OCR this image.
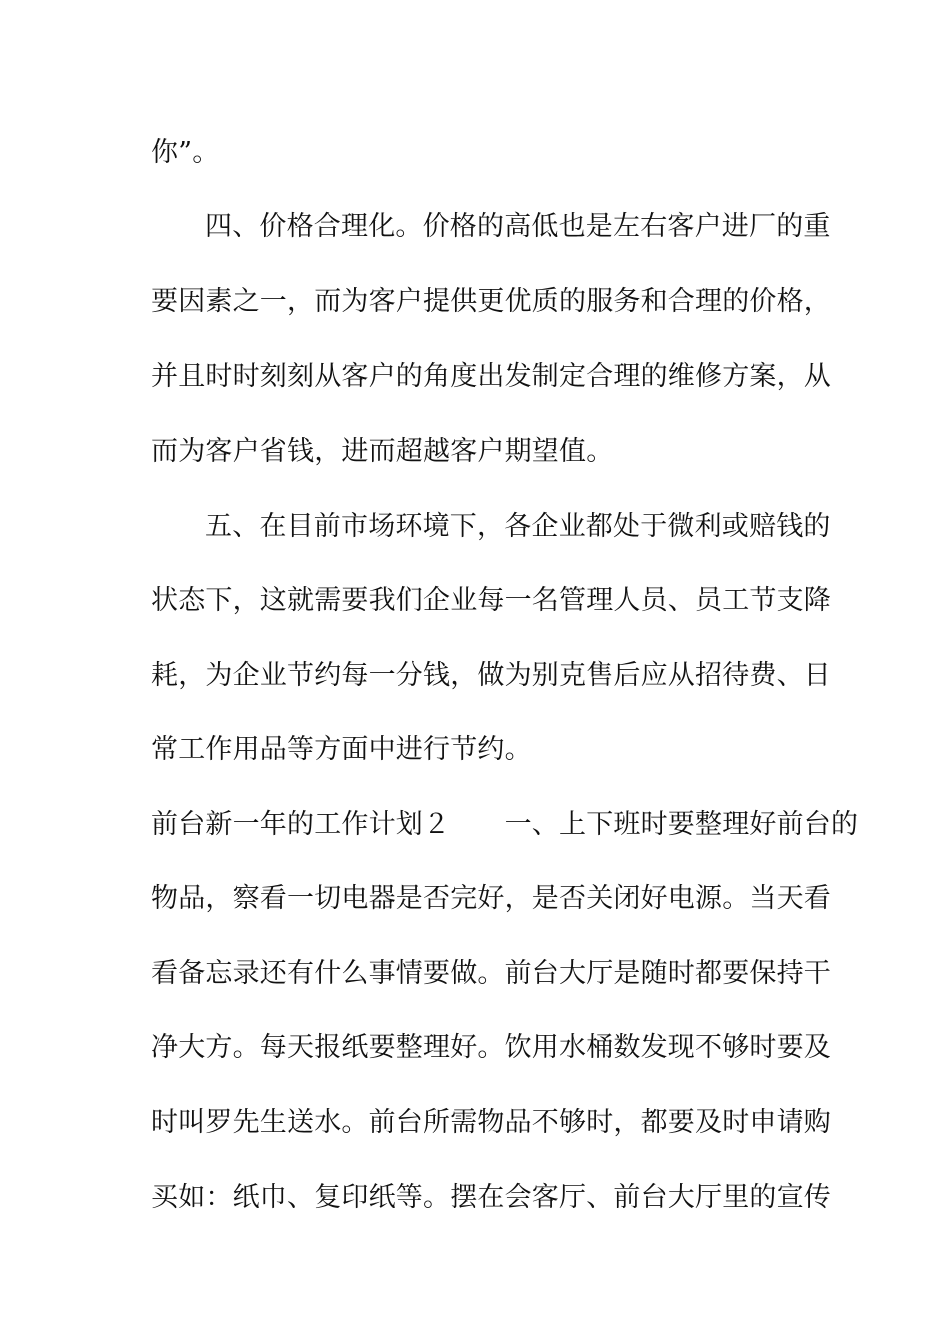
你”。
四、价格合理化。价格的高低也是左右客户进厂的重
要因素之一，而为客户提供更优质的服务和合理的价格，
并且时时刻刻从客户的角度出发制定合理的维修方案，从
而为客户省钱，进而超越客户期望值。
五、在目前市场环境下，各企业都处于微利或赔钱的
状态下，这就需要我们企业每一名管理人员、员工节支降
耗，为企业节约每一分钱，做为别克售后应从招待费、日
常工作用品等方面中进行节约。
前台新一年的工作计划２　　一、上下班时要整理好前台的
物品，察看一切电器是否完好，是否关闭好电源。当天看
看备忘录还有什么事情要做。前台大厅是随时都要保持干
净大方。每天报纸要整理好。饮用水桶数发现不够时要及
时叫罗先生送水。前台所需物品不够时，都要及时申请购
买如：纸巾、复印纸等。摆在会客厅、前台大厅里的宣传
